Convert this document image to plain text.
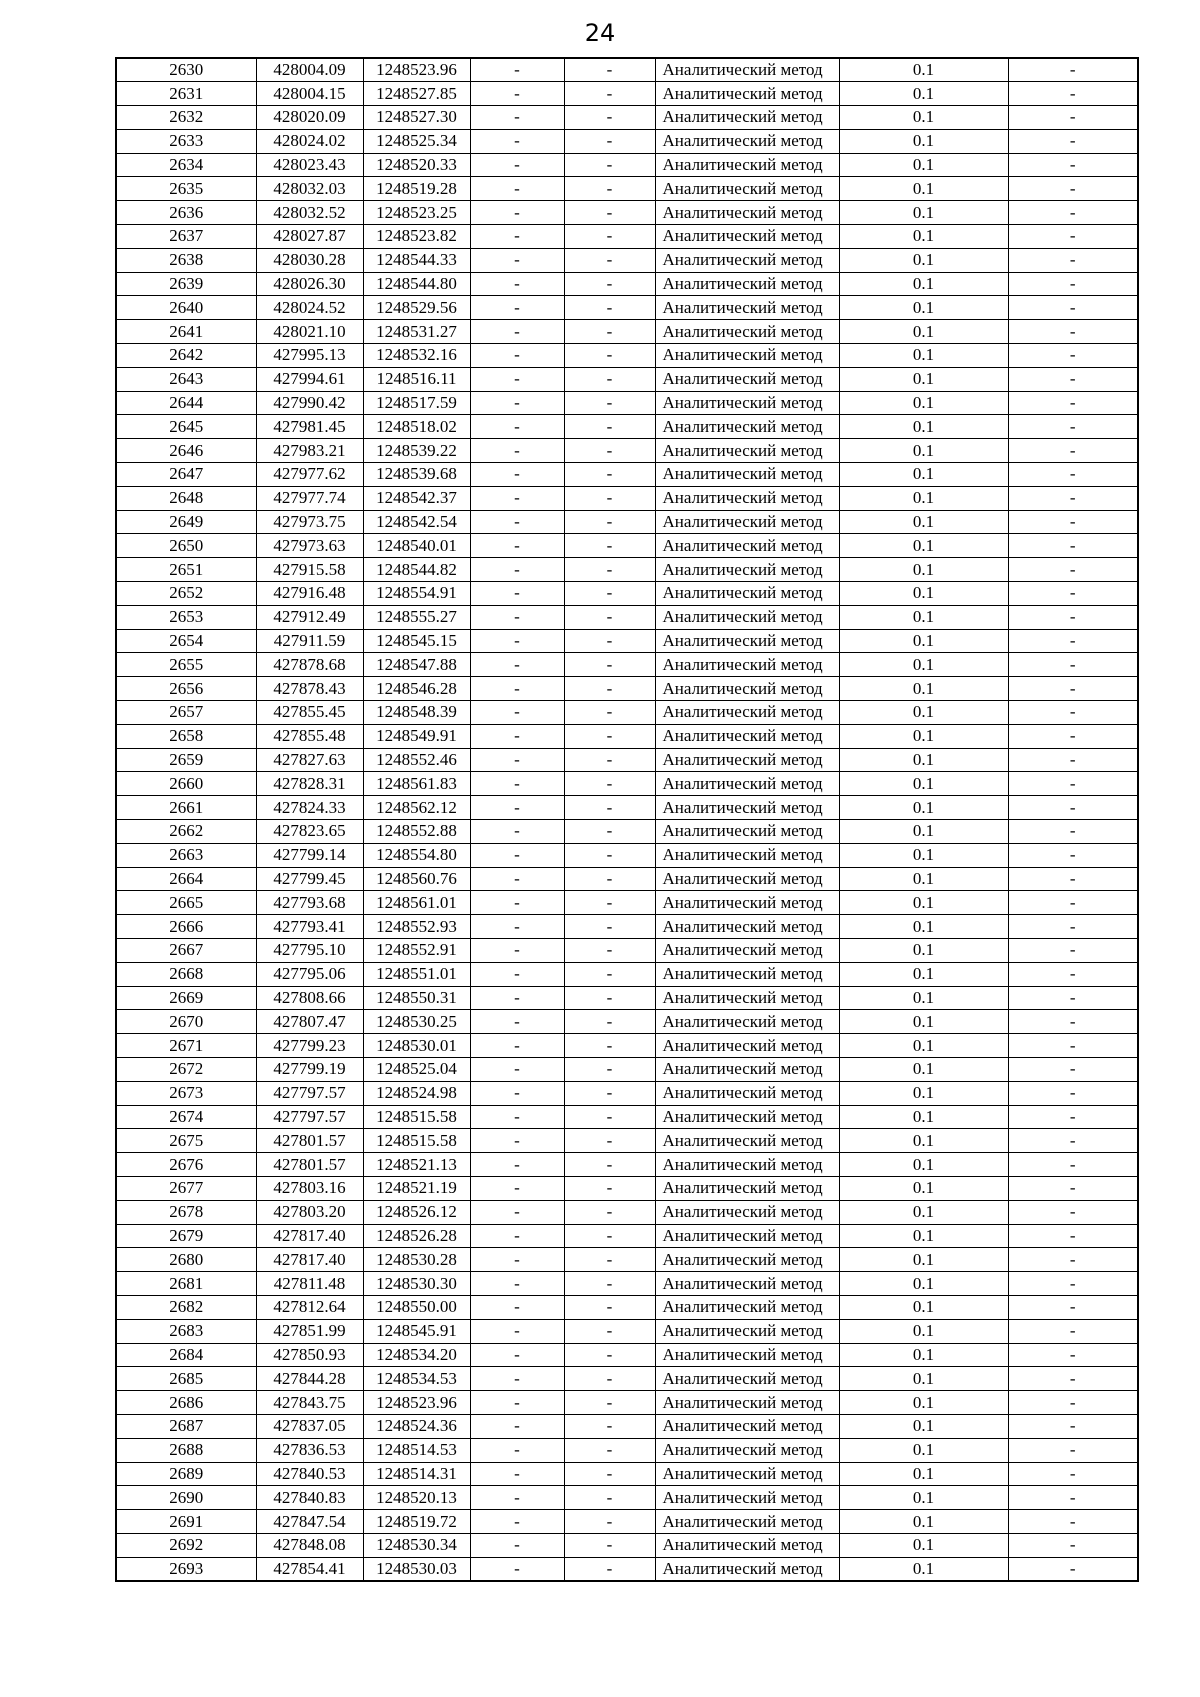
24
2630	428004.09	1248523.96	-	-	Аналитический метод	0.1	-
2631	428004.15	1248527.85	-	-	Аналитический метод	0.1	-
2632	428020.09	1248527.30	-	-	Аналитический метод	0.1	-
2633	428024.02	1248525.34	-	-	Аналитический метод	0.1	-
2634	428023.43	1248520.33	-	-	Аналитический метод	0.1	-
2635	428032.03	1248519.28	-	-	Аналитический метод	0.1	-
2636	428032.52	1248523.25	-	-	Аналитический метод	0.1	-
2637	428027.87	1248523.82	-	-	Аналитический метод	0.1	-
2638	428030.28	1248544.33	-	-	Аналитический метод	0.1	-
2639	428026.30	1248544.80	-	-	Аналитический метод	0.1	-
2640	428024.52	1248529.56	-	-	Аналитический метод	0.1	-
2641	428021.10	1248531.27	-	-	Аналитический метод	0.1	-
2642	427995.13	1248532.16	-	-	Аналитический метод	0.1	-
2643	427994.61	1248516.11	-	-	Аналитический метод	0.1	-
2644	427990.42	1248517.59	-	-	Аналитический метод	0.1	-
2645	427981.45	1248518.02	-	-	Аналитический метод	0.1	-
2646	427983.21	1248539.22	-	-	Аналитический метод	0.1	-
2647	427977.62	1248539.68	-	-	Аналитический метод	0.1	-
2648	427977.74	1248542.37	-	-	Аналитический метод	0.1	-
2649	427973.75	1248542.54	-	-	Аналитический метод	0.1	-
2650	427973.63	1248540.01	-	-	Аналитический метод	0.1	-
2651	427915.58	1248544.82	-	-	Аналитический метод	0.1	-
2652	427916.48	1248554.91	-	-	Аналитический метод	0.1	-
2653	427912.49	1248555.27	-	-	Аналитический метод	0.1	-
2654	427911.59	1248545.15	-	-	Аналитический метод	0.1	-
2655	427878.68	1248547.88	-	-	Аналитический метод	0.1	-
2656	427878.43	1248546.28	-	-	Аналитический метод	0.1	-
2657	427855.45	1248548.39	-	-	Аналитический метод	0.1	-
2658	427855.48	1248549.91	-	-	Аналитический метод	0.1	-
2659	427827.63	1248552.46	-	-	Аналитический метод	0.1	-
2660	427828.31	1248561.83	-	-	Аналитический метод	0.1	-
2661	427824.33	1248562.12	-	-	Аналитический метод	0.1	-
2662	427823.65	1248552.88	-	-	Аналитический метод	0.1	-
2663	427799.14	1248554.80	-	-	Аналитический метод	0.1	-
2664	427799.45	1248560.76	-	-	Аналитический метод	0.1	-
2665	427793.68	1248561.01	-	-	Аналитический метод	0.1	-
2666	427793.41	1248552.93	-	-	Аналитический метод	0.1	-
2667	427795.10	1248552.91	-	-	Аналитический метод	0.1	-
2668	427795.06	1248551.01	-	-	Аналитический метод	0.1	-
2669	427808.66	1248550.31	-	-	Аналитический метод	0.1	-
2670	427807.47	1248530.25	-	-	Аналитический метод	0.1	-
2671	427799.23	1248530.01	-	-	Аналитический метод	0.1	-
2672	427799.19	1248525.04	-	-	Аналитический метод	0.1	-
2673	427797.57	1248524.98	-	-	Аналитический метод	0.1	-
2674	427797.57	1248515.58	-	-	Аналитический метод	0.1	-
2675	427801.57	1248515.58	-	-	Аналитический метод	0.1	-
2676	427801.57	1248521.13	-	-	Аналитический метод	0.1	-
2677	427803.16	1248521.19	-	-	Аналитический метод	0.1	-
2678	427803.20	1248526.12	-	-	Аналитический метод	0.1	-
2679	427817.40	1248526.28	-	-	Аналитический метод	0.1	-
2680	427817.40	1248530.28	-	-	Аналитический метод	0.1	-
2681	427811.48	1248530.30	-	-	Аналитический метод	0.1	-
2682	427812.64	1248550.00	-	-	Аналитический метод	0.1	-
2683	427851.99	1248545.91	-	-	Аналитический метод	0.1	-
2684	427850.93	1248534.20	-	-	Аналитический метод	0.1	-
2685	427844.28	1248534.53	-	-	Аналитический метод	0.1	-
2686	427843.75	1248523.96	-	-	Аналитический метод	0.1	-
2687	427837.05	1248524.36	-	-	Аналитический метод	0.1	-
2688	427836.53	1248514.53	-	-	Аналитический метод	0.1	-
2689	427840.53	1248514.31	-	-	Аналитический метод	0.1	-
2690	427840.83	1248520.13	-	-	Аналитический метод	0.1	-
2691	427847.54	1248519.72	-	-	Аналитический метод	0.1	-
2692	427848.08	1248530.34	-	-	Аналитический метод	0.1	-
2693	427854.41	1248530.03	-	-	Аналитический метод	0.1	-
